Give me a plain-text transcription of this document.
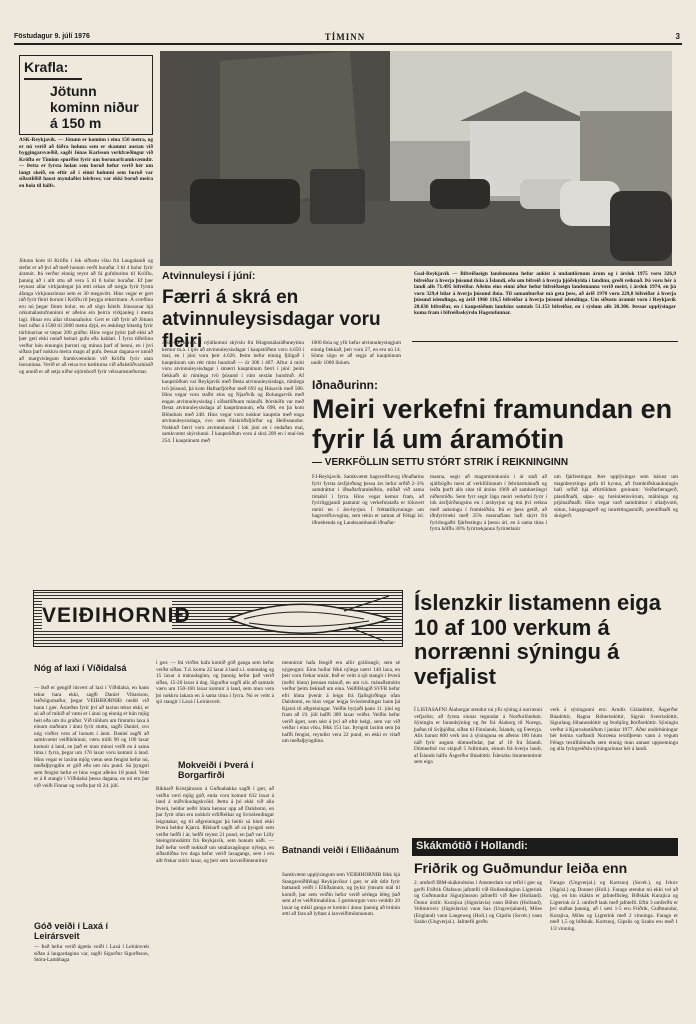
Föstudagur 9. júlí 1976	TÍMINN	3
Krafla:
Jötunn kominn niður á 150 m
ASK-Reykjavík. — Jötunn er kominn í eina 150 metra, og er nú verið að fóðra holuna sem er skammt austan við byggingarsvæðið, sagði Jónas Karlsson verkfræðingur við Kröflu er Tíminn spurðist fyrir um borunarframkvæmdir. — Þetta er fyrsta holan sem boruð hefur verið hér um langt skeið, en eftir að í einni holunni sem boruð var síðastliðið haust myndaðist leirhver, var ekki boruð meira en hola til hálfs.
Jötunn kom til Kröflu í lok síðustu viku frá Laugalandi og stefnt er að því að með honum verði boraðar 3 til 4 holur fyrir áramót. Þá verður einnig reynt að fá gufuborinn til Kröflu, þannig að í allt sttu að vera 5 til 6 holur boraðar. Ef þær reynast allar virkjanlegar þá ætti orkan að nægja fyrir fyrsta áfanga virkjunarinnar sem er 30 megavött. Hins vegar er gert ráð fyrir fleiri borum í Kröflu til þeygja rekstrinum. Á svæðinu eru nú þegar fimm holur, en að sögn Ísleifs Jónssonar hjá orkumálastofnuninni er aðeins ein þeirra virkjanleg í mesta lagi. Hinar eru allar tilraunaholur. Gert er ráð fyrir að Jötunn bori niður á 1500 til 2000 metra dýpi, en æskilegt hitastig fyrir túrbínurnar er tæpar 200 gráður. Hins vegar þykir það ekki að þær geti ekki notað heitari gufu eða kaldari. Í fyrra tilfellinu verður hún einungis þurrari og minna þarf af henni, en í því síðara þarf nokkru meira magn af gufu. Þessar dagana er unnið að margvíslegum framkvæmdum við Kröflu fyrir utan boruninna. Verið er að reisa tvo kæliturna við aðalstöðvarhúsið og unnið er að setja niður stjórnborð fyrir vélssamstæðurnar.
Atvinnuleysi í júní:
Færri á skrá en atvinnuleysisdagar voru fleiri
ASK-Reykjavík. Í nýútkomni skýrslu frá félagsmálaráðuneytinu kemur m.a. í ljós að atvinnuleysisdagar í kaupstöðum voru 4.650 í maí, en í júní voru þeir 4.626. Þeim hefur einnig fjölgað í kauptúnum um rétt rúmt hundrað — úr 306 í 407. Aftur á móti voru atvinnuleysisdagar í smærri kauptúnum færri í júní: þeim fækkaði úr rúmlega tvö þúsund í rúm sextán hundruð. Af kaupstöðum var Reykjavík með flesta atvinnuleysisdaga, rúmlega tvö þúsund, þá kom Hafnarfjörður með 693 og Húsavík með 580. Hins vegar voru staðir eins og Njarðvík og Bolungarvík með engan atvinnuleysisdag í síðastliðnum mánuði. Þórshöfn var með flesta atvinnuleysisdaga af kauptúnunum, eða 698, en þá kom Blönduós með 248. Hins vegar voru nokkur kauptún með enga atvinnuleysisdaga, svo sem Fáskrúðsfjörður og Hellissandur. Nokkuð færri voru atvinnulausir í lok júní en í endaðan maí, samkvæmt skýrslunni. Í kaupstöðum voru á skrá 209 en í maí-lok 254. Í kauptúnum með
1000 íbúa og yfir hefur atvinnuleysingjum einnig fækkað, þeir voru 27, en eru nú 14. Sömu sögu er að segja af kauptúnum undir 1000 íbúum.
Gsal-Reykjavík — Bifreiðaeign landsmanna hefur aukist á undanförnum árum og í árslok 1975 voru 326,9 bifreiðar á hverja þúsund íbúa á Íslandi, eða um bifreið á hverja þjóðskylda í landinu, greði reiknað. Þá voru hér á landi alls 71.495 bifreiðar. Aðeins eins einni áður hefur bifreiðaeign landsmanna verið meiri, í árslok 1974, en þá voru 329,4 bílar á hverja þúsund íbúa. Til samanburðar má geta þess, að árið 1970 voru 229,8 bifreiðar á hverja þúsund íslendinga, og árið 1960 116,5 bifreiðar á hverja þúsund íslendinga. Um síðustu áramót voru í Reykjavík 28.636 bifreiðar, en í kaupstöðum landsins samtals 51.153 bifreiðar, en í sýslum alls 20.306. Þessar upplýsingar koma fram í bifreiðaskýrslu Hagstofunnar.
Iðnaðurinn:
Meiri verkefni framundan en fyrir lá um áramótin
— VERKFÖLLIN SETTU STÓRT STRIK Í REIKNINGINN
FJ-Reykjavík. Samkvæmt hagsveifluvog iðnaðarins fyrir fyrsta ársfjórðung þessa árs hefur orðið 2–3% samdráttur í iðnaðarframleiðslu, miðað við sama tímabil í fyrra. Hins vegar kemur fram, að fyrirliggjandi pantanir og verkefnistaða er töluvert meiri en í árs-byrjun. Í fréttatilkynningu um hagsveifluvogina, sem tekin er saman af Félagi ísl. iðnrekenda og Landssambandi iðnaðar-
manna, segir að magnminnkunin í ár stafi að sjálfsögðu mest af verkföllunum í febrúarmánuði og leiða þurft alls sitar til ársins 1969 að sambærilegri niðurstöðu. Sem fyrr segir lágu meiri verkefni fyrir í lok ársfjórðungsins en í ársbyrjun og má því reikna með aukningu í framleiðslu. Þá er þess getið, að iðnfyrirtæki með 35% mannaflans hafi skýrt frá fyrirhugaðri fjárfestingu á þessu ári, en á sama tíma í fyrra höfðu 30% fyrirtækjanna fyrirætlanir
um fjárfestingar. Þær upplýsingar sem bárust um magnbreytingu gefa til kynna, að framleiðsluaukningin hafi orðið hjá eftirtöldum greinum: Veiðarfæragerð, plastiðnaði, sápu- og hreinlætisvörum, málningu og prjónaiðnaði. Hins vegar varð samdráttur í ullarþvotti, sútun, húsgagnagerð og innréttingasmíði, prentiðnaði og skógerð.
VEIÐIHORNIÐ
Nóg af laxi í Víðidalsá
— Það er gengið lúsvert af laxi í Víðidalsá, en hann tekur bara ekki, sagði Daníel Vibarsson, leiðsögumaður, þegar VEIÐIHORNIÐ ræddi við hann í gær. Ástæðan fyrir því að laxinn tekur ekki, er sú að of mikið af vatni er í ánni og einnig er hún mjög heit eða um tíu gráður. Víð töldum um fimmtíu laxa á einum staðnum í ánni fyrir stuttu, sagði Daníel, svo nóg virðist vera af honum í ánni. Daníel sagði að samkvæmt veiðibókinni, væru milli 90 og 100 laxar komnir á land, en það er mun minni veiði en á sama tíma í fyrra, þegar um 170 laxar voru komnir á land. Hins vegar er laxinn mjög vænn sem fengist hefur nú, meðalþyngdin er góð eða um níu pund. Sá þyngsti sem fengist hefur er hins vegar aðeins 18 pund. Veitt er á 8 stangir í Víðidalsá þessa dagana, en nú eru þar við veiði Finnar og verða þar til 24. júlí.
Góð veiði í Laxá í Leirársveit
— Það hefur verið ágætis veiði í Laxá í Leirársveit síðan á laugardaginn var, sagði Sigurður Sigurðsson, Stóra-Lambhaga
í gær. — Þá virðist hafa komið góð ganga sem hefur veiðst síðan. T.d. komu 22 laxar á land s.l. sunnudag og 15 laxar á mánudaginn, og þannig hefur það verið síðan, 15-20 laxar á dag. Sigurður sagði alls að samtals væru um 150-160 laxar komnir á land, sem mun vera þó nokkru lakara en á sama tíma í fyrra. Nú er veitt á sjö stangir í Laxá í Leirársveit.
Mokveiði í Þverá í Borgarfirði
Ríkharð Kristjánsson á Guðnabakka sagði í gær, að veiðin væri mjög góð, enda voru komnir 632 laxar á land á miðvikudagskvöld. Þetta á þó ekki við alla Þverá, heldur neðri hluta hennar upp að Dalsbotni, en þar fyrir ofan eru nokkrir erfiðleikar og Svisslendingar leigutakar, og til aðgreiningar þá heitir sá hluti ekki Þverá heldur Kjarrá. Ríkharð sagði að sá þyngsti sem veiðst hefði í ár, hefði reynst 21 pund, en það var Lilly Steingrímsdóttir frá Reykjavík, sem honum náði. — Það hefur verið nokkuð um smálaxagöngur nýlega, en síðastliðna tvo daga hefur verið laxagangs, sem í eru allt frekar stórir laxar, og þeir sem laxveiðimennirnir
mennirnir hafa fengið eru allir grálúsugir, sem sé nýgengnir. Einn hollur fékk nýlega nærri 140 laxa, en þeir voru frekar smáir. Það er veitt á sjö stangir í Þverá (neðri hluta) þennan mánuð, en um n.k. mánaðamótin verður þeim fækkað um eina. Veiðifélagið SVFR hefur efri hluta þverár á leigu frá fjallsgirðingu ofan Dalsbotni, en hins vegar leigja Svisslendingar hann þá Kjarrá til aðgreiningar. Veiðin byrjaði þann 11. júní og fram að 19. júlí hafði 389 laxar veiðst. Veiðin hefur verið ágæt, sem sést á því að eftir helgi, sem var við veiðar í eina viku, fékk 151 lax. Þyngsti laxinn sem þá hafði fengist, reyndist vera 22 pund, en ekki er vitað um meðalþyngdina.
Batnandi veiði í Elliðaánum
Samkvæmt upplýsingum sem VEIÐIHORNIÐ fékk hjá Stangaveiðifélagi Reykjavíkur í gær, er allt útlit fyrir batnandi veiði í Elliðaánum, og þykir ýmsum mál til komið, þar sem veiðin hefur verið sérlega léleg það sem af er veiðitímabilinu. Í gærmorgun voru veiddir 20 laxar og mikil ganga er komin í ánna: þannig að brúnin ætti að fara að lyftast á laxveiðimönnunum.
Íslenzkir listamenn eiga 10 af 100 verkum á norrænni sýningu á vefjalist
Í LISTASAFNI Álaborgar stendur nú yfir sýning á norrænni vefjarlist, að fyrsta sinnar tegundar á Norðurlöndum. Sýningin er farandsýning og fer frá Álaborg til Noregs, þaðan til Svíþjóðar, síðan til Finnlands, Íslands, og Færeyja. Alls barust 800 verk inn á sýninguna en aðeins 100 hlutu náð fyrir augum dómnefndar, þar af 10 frá Íslandi. Dómnefnd var skipuð 5 fulltrúum, einum frá hverju landi, af Íslands hálfu Ásgerður Búadóttir. Íslenzku listamennirnir sem eiga
verk á sýningunni eru: Arndís Gísladóttir, Ásgerður Búadóttir, Ragna Róbertsdóttir, Sigrún Sverrisdóttir, Sigurlaug Jóhannsdóttir og Þorbjörg Þórðardóttir. Sýningin verður á Kjarvalsstöðum í janúar 1977. Áður undirbúningur hér heima varðandi Norræna textílþrenn vann á vegum Félags textílhönnuða sem einnig mun annast uppsetningu og alla fyrirgreiðslu sýningarinnar hér á landi.
Skákmótið í Hollandi:
Friðrik og Guðmundur leiða enn
2. umferð IBM-skákmótsins í Amsterdam var tefld í gær og gerði Friðrik Ólafsson jafntefli við Hollendinginn Ligterink og Guðmundur Sigurjónsson jafntefli við Ree (Holland). Önnur úrslit: Kurajica (Júgóslavía) vann Böhm (Holland), Velimirovic (Júgóslavía) vann Sax (Ungverjaland), Miles (England) vann Langeweg (Holl.) og Gipslis (Sovét.) vann Szabo (Ungverjal.). Jafntefli gerðu
Farago (Ungverjal.) og Kortsnoj (Sovét.), og Ivkov (Júgósl.) og Donner (Holl.). Farago stendur nú ekki vel að vígi, en hin skákin er jafnteflisleg. Biðskák Kurajica og Ligterink úr 2. umferð lauk með jafntefli. Eftir 3 umferðir er því staðan þannig, að í sæti 1-5 eru Friðrik, Guðmundur, Kurajica, Miles og Ligterink með 2 vinninga. Farago er með 1,5 og biðskák. Kortsnoj, Gipslis og Szabo eru með 1 1/2 vinning.
